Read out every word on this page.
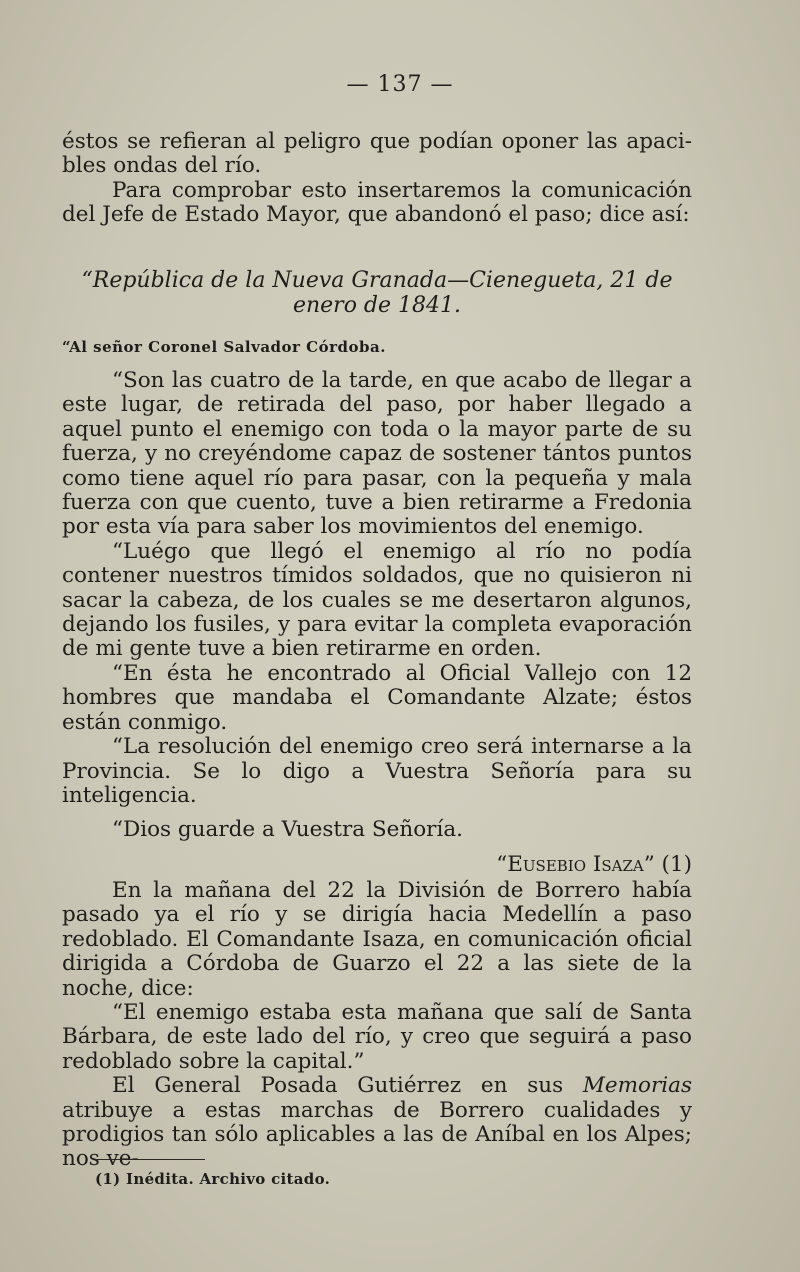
— 137 —

éstos se refieran al peligro que podían oponer las apaci-bles ondas del río.

Para comprobar esto insertaremos la comunicación del Jefe de Estado Mayor, que abandonó el paso; dice así:

“República de la Nueva Granada—Cienegueta, 21 de enero de 1841.
“Al señor Coronel Salvador Córdoba.

“Son las cuatro de la tarde, en que acabo de llegar a este lugar, de retirada del paso, por haber llegado a aquel punto el enemigo con toda o la mayor parte de su fuerza, y no creyéndome capaz de sostener tántos puntos como tiene aquel río para pasar, con la pequeña y mala fuerza con que cuento, tuve a bien retirarme a Fredonia por esta vía para saber los movimientos del enemigo.

“Luégo que llegó el enemigo al río no podía contener nuestros tímidos soldados, que no quisieron ni sacar la cabeza, de los cuales se me desertaron algunos, dejando los fusiles, y para evitar la completa evaporación de mi gente tuve a bien retirarme en orden.

“En ésta he encontrado al Oficial Vallejo con 12 hombres que mandaba el Comandante Alzate; éstos están conmigo.

“La resolución del enemigo creo será internarse a la Provincia. Se lo digo a Vuestra Señoría para su inteligencia.

“Dios guarde a Vuestra Señoría.

“Eusebio Isaza” (1)

En la mañana del 22 la División de Borrero había pasado ya el río y se dirigía hacia Medellín a paso redoblado. El Comandante Isaza, en comunicación oficial dirigida a Córdoba de Guarzo el 22 a las siete de la noche, dice:

“El enemigo estaba esta mañana que salí de Santa Bárbara, de este lado del río, y creo que seguirá a paso redoblado sobre la capital.”

El General Posada Gutiérrez en sus Memorias atribuye a estas marchas de Borrero cualidades y prodigios tan sólo aplicables a las de Aníbal en los Alpes; nos ve-

(1) Inédita. Archivo citado.
